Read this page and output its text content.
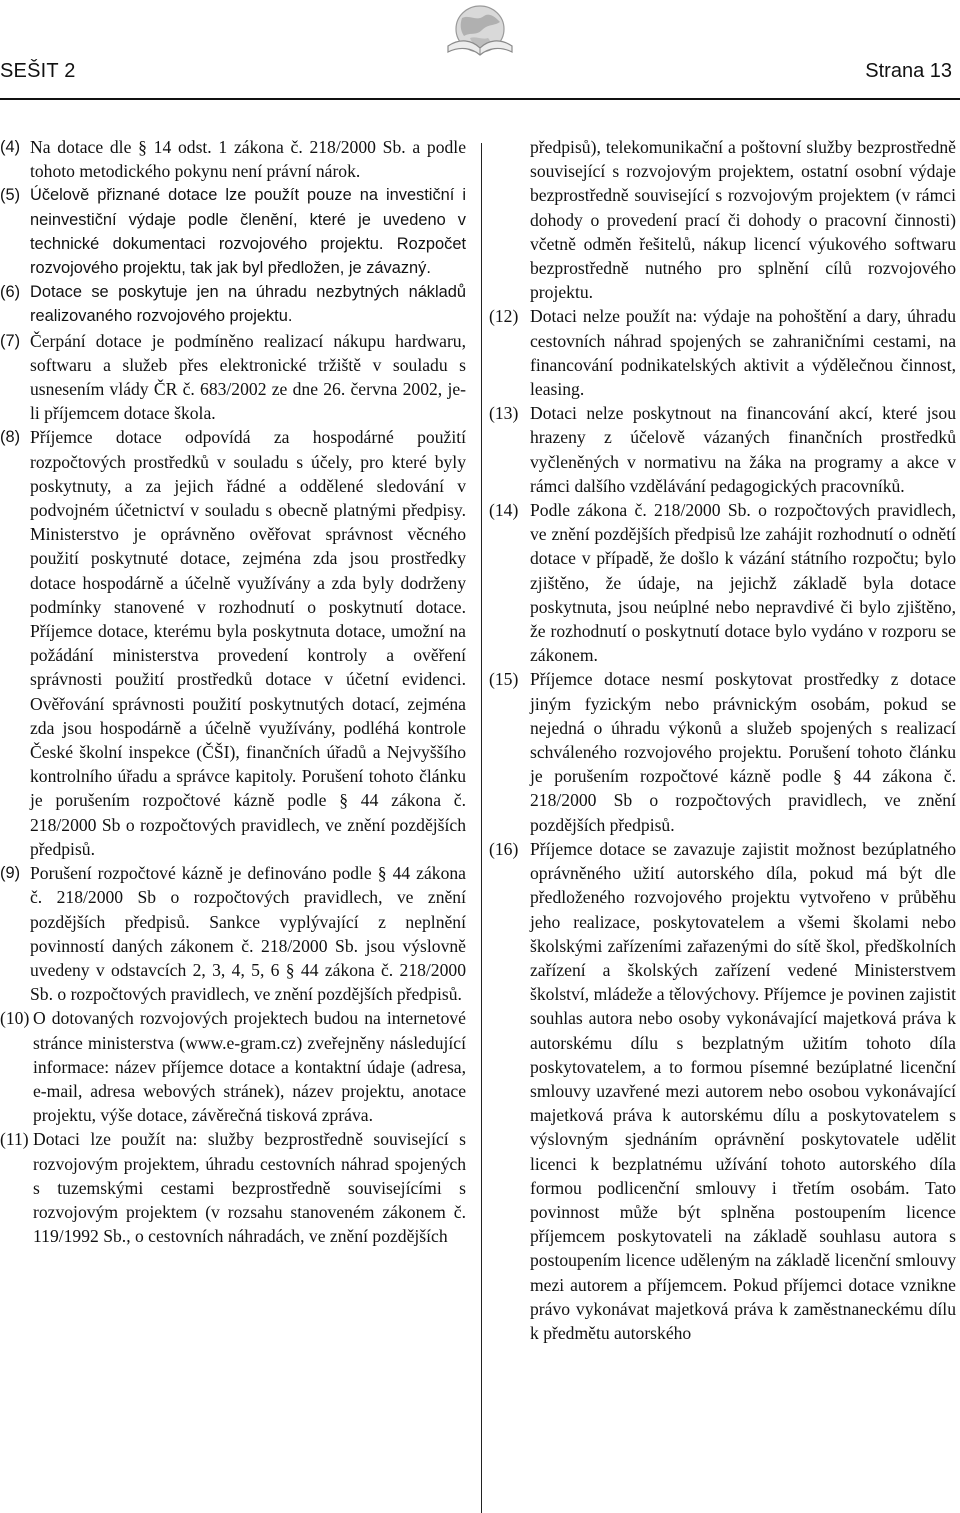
SEŠIT 2	Strana 13
(4) Na dotace dle § 14 odst. 1 zákona č. 218/2000 Sb. a podle tohoto metodického pokynu není právní nárok.
(5) Účelově přiznané dotace lze použít pouze na investiční i neinvestiční výdaje podle členění, které je uvedeno v technické dokumentaci rozvojového projektu. Rozpočet rozvojového projektu, tak jak byl předložen, je závazný.
(6) Dotace se poskytuje jen na úhradu nezbytných nákladů realizovaného rozvojového projektu.
(7) Čerpání dotace je podmíněno realizací nákupu hardwaru, softwaru a služeb přes elektronické tržiště v souladu s usnesením vlády ČR č. 683/2002 ze dne 26. června 2002, je-li příjemcem dotace škola.
(8) Příjemce dotace odpovídá za hospodárné použití rozpočtových prostředků v souladu s účely, pro které byly poskytnuty, a za jejich řádné a oddělené sledování v podvojném účetnictví v souladu s obecně platnými předpisy. Ministerstvo je oprávněno ověřovat správnost věcného použití poskytnuté dotace, zejména zda jsou prostředky dotace hospodárně a účelně využívány a zda byly dodrženy podmínky stanovené v rozhodnutí o poskytnutí dotace. Příjemce dotace, kterému byla poskytnuta dotace, umožní na požádání ministerstva provedení kontroly a ověření správnosti použití prostředků dotace v účetní evidenci. Ověřování správnosti použití poskytnutých dotací, zejména zda jsou hospodárně a účelně využívány, podléhá kontrole České školní inspekce (ČŠI), finančních úřadů a Nejvyššího kontrolního úřadu a správce kapitoly. Porušení tohoto článku je porušením rozpočtové kázně podle § 44 zákona č. 218/2000 Sb o rozpočtových pravidlech, ve znění pozdějších předpisů.
(9) Porušení rozpočtové kázně je definováno podle § 44 zákona č. 218/2000 Sb o rozpočtových pravidlech, ve znění pozdějších předpisů. Sankce vyplývající z neplnění povinností daných zákonem č. 218/2000 Sb. jsou výslovně uvedeny v odstavcích 2, 3, 4, 5, 6 § 44 zákona č. 218/2000 Sb. o rozpočtových pravidlech, ve znění pozdějších předpisů.
(10) O dotovaných rozvojových projektech budou na internetové stránce ministerstva (www.e-gram.cz) zveřejněny následující informace: název příjemce dotace a kontaktní údaje (adresa, e-mail, adresa webových stránek), název projektu, anotace projektu, výše dotace, závěrečná tisková zpráva.
(11) Dotaci lze použít na: služby bezprostředně související s rozvojovým projektem, úhradu cestovních náhrad spojených s tuzemskými cestami bezprostředně souvisejícími s rozvojovým projektem (v rozsahu stanoveném zákonem č. 119/1992 Sb., o cestovních náhradách, ve znění pozdějších

předpisů), telekomunikační a poštovní služby bezprostředně související s rozvojovým projektem, ostatní osobní výdaje bezprostředně související s rozvojovým projektem (v rámci dohody o provedení prací či dohody o pracovní činnosti) včetně odměn řešitelů, nákup licencí výukového softwaru bezprostředně nutného pro splnění cílů rozvojového projektu.

(12) Dotaci nelze použít na: výdaje na pohoštění a dary, úhradu cestovních náhrad spojených se zahraničními cestami, na financování podnikatelských aktivit a výdělečnou činnost, leasing.
(13) Dotaci nelze poskytnout na financování akcí, které jsou hrazeny z účelově vázaných finančních prostředků vyčleněných v normativu na žáka na programy a akce v rámci dalšího vzdělávání pedagogických pracovníků.
(14) Podle zákona č. 218/2000 Sb. o rozpočtových pravidlech, ve znění pozdějších předpisů lze zahájit rozhodnutí o odnětí dotace v případě, že došlo k vázání státního rozpočtu; bylo zjištěno, že údaje, na jejichž základě byla dotace poskytnuta, jsou neúplné nebo nepravdivé či bylo zjištěno, že rozhodnutí o poskytnutí dotace bylo vydáno v rozporu se zákonem.
(15) Příjemce dotace nesmí poskytovat prostředky z dotace jiným fyzickým nebo právnickým osobám, pokud se nejedná o úhradu výkonů a služeb spojených s realizací schváleného rozvojového projektu. Porušení tohoto článku je porušením rozpočtové kázně podle § 44 zákona č. 218/2000 Sb o rozpočtových pravidlech, ve znění pozdějších předpisů.
(16) Příjemce dotace se zavazuje zajistit možnost bezúplatného oprávněného užití autorského díla, pokud má být dle předloženého rozvojového projektu vytvořeno v průběhu jeho realizace, poskytovatelem a všemi školami nebo školskými zařízeními zařazenými do sítě škol, předškolních zařízení a školských zařízení vedené Ministerstvem školství, mládeže a tělovýchovy. Příjemce je povinen zajistit souhlas autora nebo osoby vykonávající majetková práva k autorskému dílu s bezplatným užitím tohoto díla poskytovatelem, a to formou písemné bezúplatné licenční smlouvy uzavřené mezi autorem nebo osobou vykonávající majetková práva k autorskému dílu a poskytovatelem s výslovným sjednáním oprávnění poskytovatele udělit licenci k bezplatnému užívání tohoto autorského díla formou podlicenční smlouvy i třetím osobám. Tato povinnost může být splněna postoupením licence příjemcem poskytovateli na základě souhlasu autora s postoupením licence uděleným na základě licenční smlouvy mezi autorem a příjemcem. Pokud příjemci dotace vznikne právo vykonávat majetková práva k zaměstnaneckému dílu k předmětu autorského
